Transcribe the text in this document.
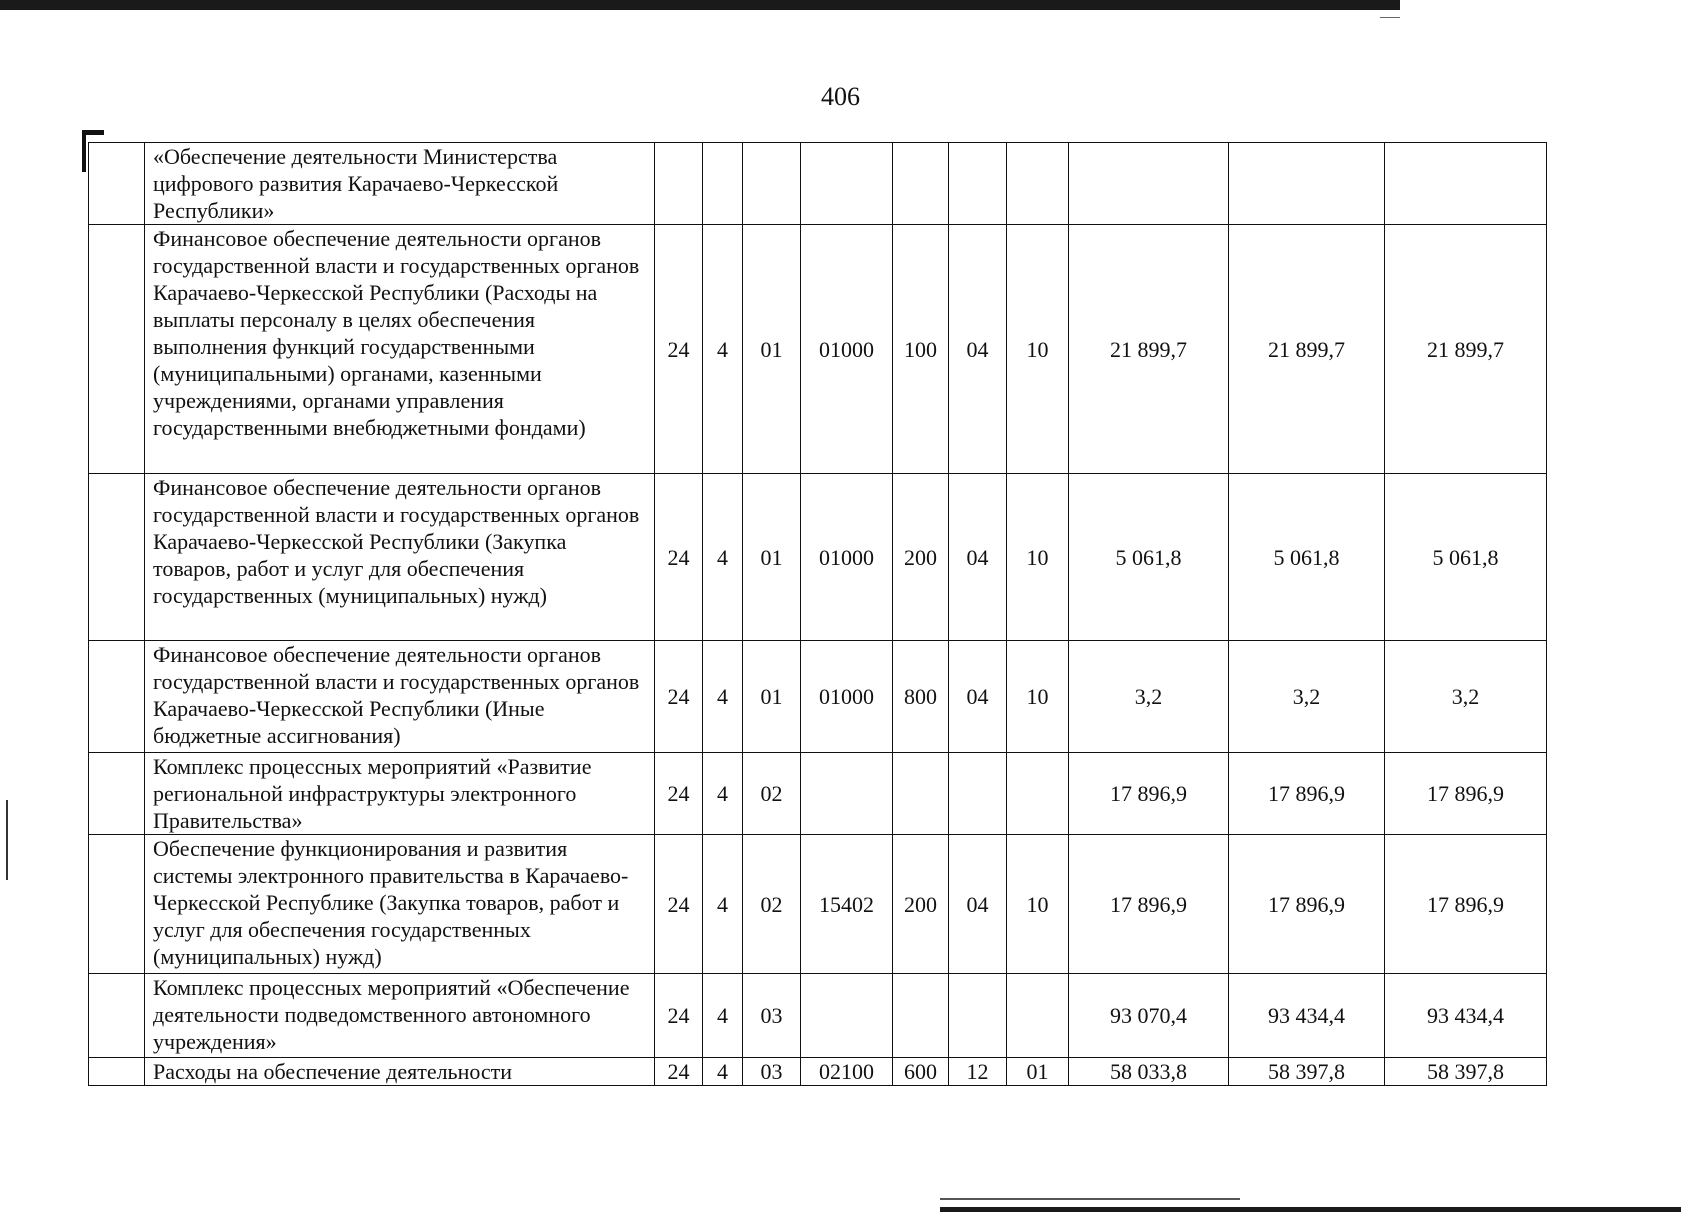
406
	«Обеспечение деятельности Министерства цифрового развития Карачаево-Черкесской Республики»										
	Финансовое обеспечение деятельности органов государственной власти и государственных органов Карачаево-Черкесской Республики (Расходы на выплаты персоналу в целях обеспечения выполнения функций государственными (муниципальными) органами, казенными учреждениями, органами управления государственными внебюджетными фондами)	24	4	01	01000	100	04	10	21 899,7	21 899,7	21 899,7
	Финансовое обеспечение деятельности органов государственной власти и государственных органов Карачаево-Черкесской Республики (Закупка товаров, работ и услуг для обеспечения государственных (муниципальных) нужд)	24	4	01	01000	200	04	10	5 061,8	5 061,8	5 061,8
	Финансовое обеспечение деятельности органов государственной власти и государственных органов Карачаево-Черкесской Республики (Иные бюджетные ассигнования)	24	4	01	01000	800	04	10	3,2	3,2	3,2
	Комплекс процессных мероприятий «Развитие региональной инфраструктуры электронного Правительства»	24	4	02					17 896,9	17 896,9	17 896,9
	Обеспечение функционирования и развития системы электронного правительства в Карачаево-Черкесской Республике (Закупка товаров, работ и услуг для обеспечения государственных (муниципальных) нужд)	24	4	02	15402	200	04	10	17 896,9	17 896,9	17 896,9
	Комплекс процессных мероприятий «Обеспечение деятельности подведомственного автономного учреждения»	24	4	03					93 070,4	93 434,4	93 434,4
	Расходы на обеспечение деятельности	24	4	03	02100	600	12	01	58 033,8	58 397,8	58 397,8
